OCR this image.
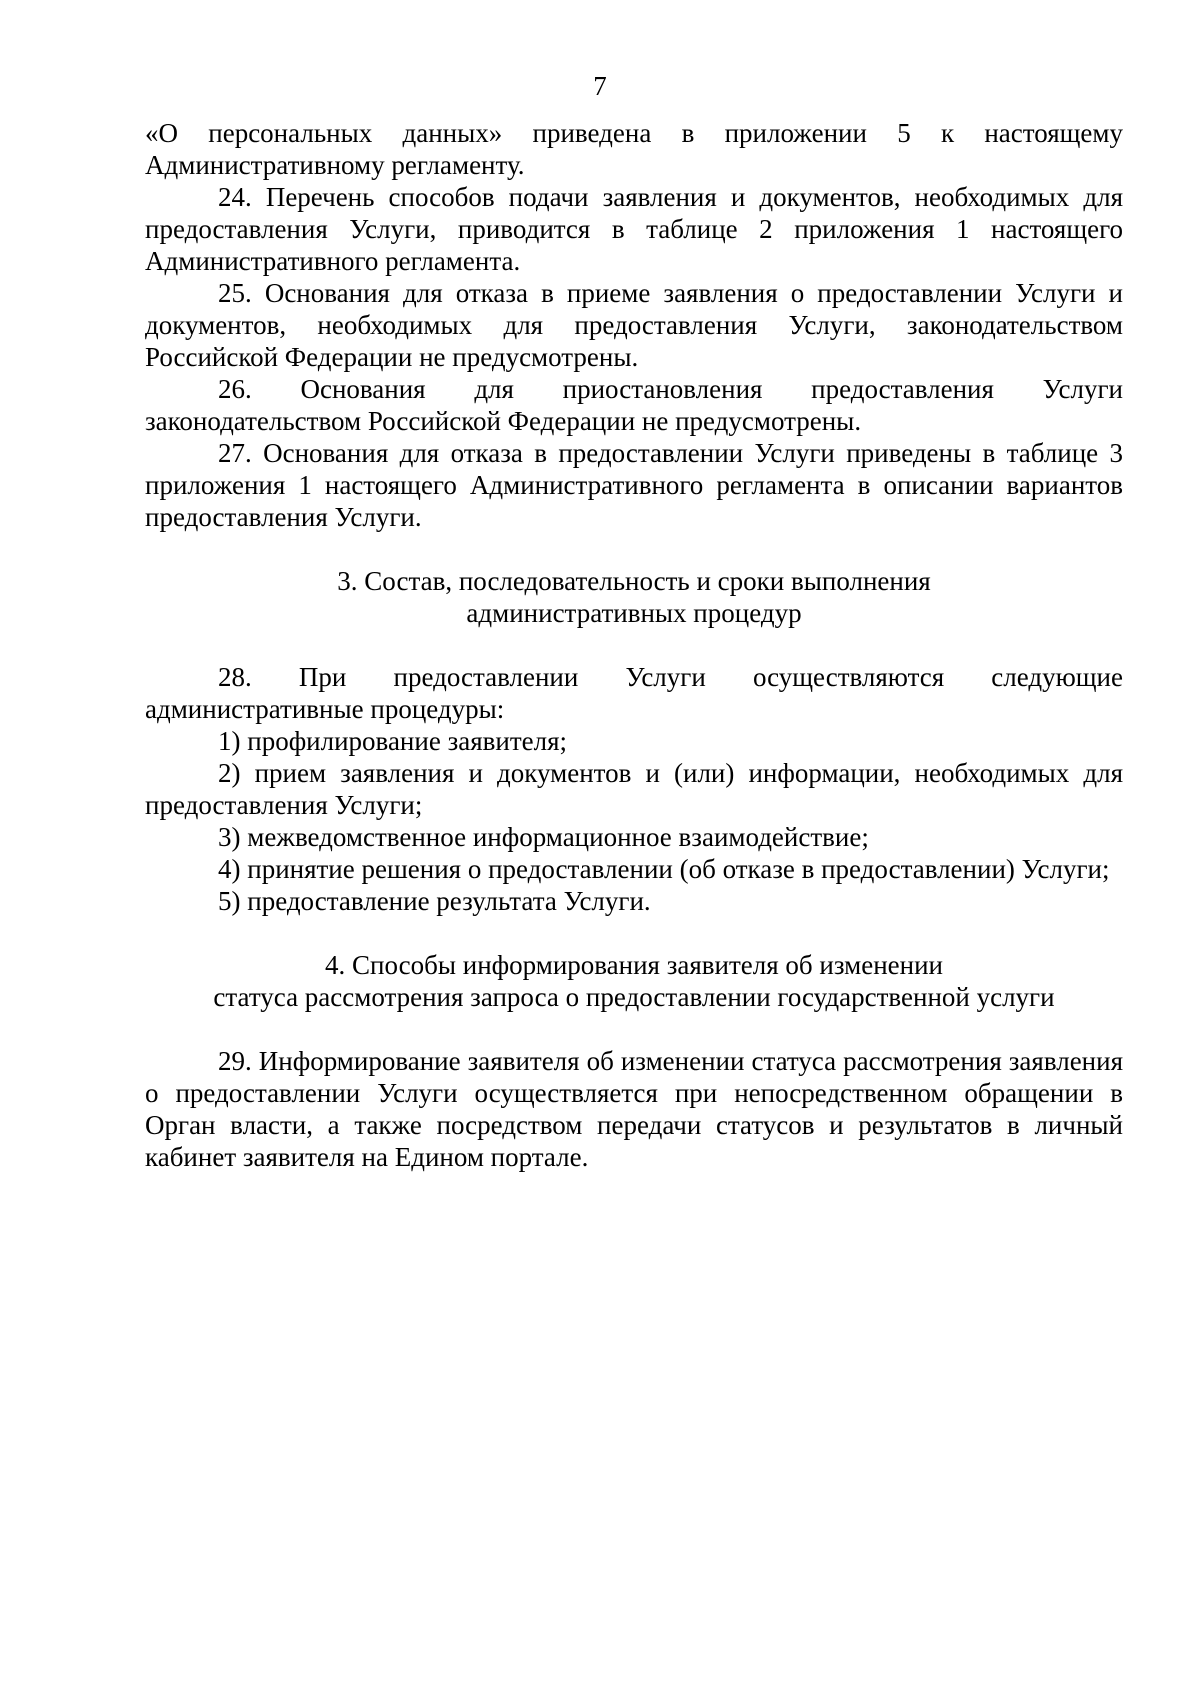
7

«О персональных данных» приведена в приложении 5 к настоящему Административному регламенту.

24. Перечень способов подачи заявления и документов, необходимых для предоставления Услуги, приводится в таблице 2 приложения 1 настоящего Административного регламента.

25. Основания для отказа в приеме заявления о предоставлении Услуги и документов, необходимых для предоставления Услуги, законодательством Российской Федерации не предусмотрены.

26. Основания для приостановления предоставления Услуги законодательством Российской Федерации не предусмотрены.

27. Основания для отказа в предоставлении Услуги приведены в таблице 3 приложения 1 настоящего Административного регламента в описании вариантов предоставления Услуги.

3. Состав, последовательность и сроки выполнения

административных процедур

28. При предоставлении Услуги осуществляются следующие административные процедуры:

1) профилирование заявителя;

2) прием заявления и документов и (или) информации, необходимых для предоставления Услуги;

3) межведомственное информационное взаимодействие;

4) принятие решения о предоставлении (об отказе в предоставлении) Услуги;

5) предоставление результата Услуги.

4. Способы информирования заявителя об изменении

статуса рассмотрения запроса о предоставлении государственной услуги

29. Информирование заявителя об изменении статуса рассмотрения заявления о предоставлении Услуги осуществляется при непосредственном обращении в Орган власти, а также посредством передачи статусов и результатов в личный кабинет заявителя на Едином портале.
